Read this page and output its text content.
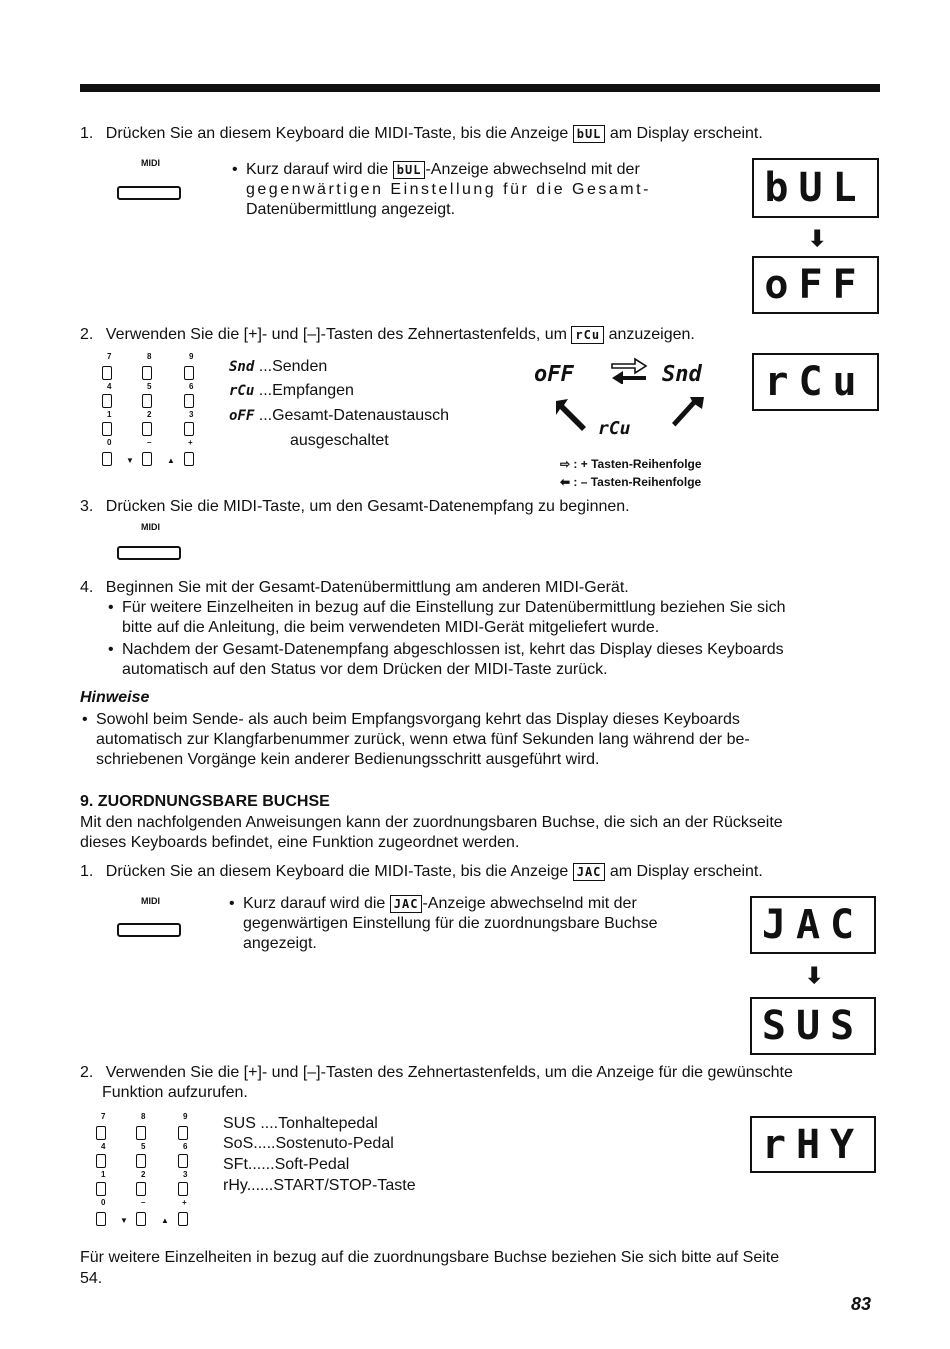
1. Drücken Sie an diesem Keyboard die MIDI-Taste, bis die Anzeige bUL am Display erscheint.
MIDI	• Kurz darauf wird die bUL -Anzeige abwechselnd mit der
gegenwärtigen Einstellung für die Gesamt-
Datenübermittlung angezeigt.	bUL
⬇
oFF
2. Verwenden Sie die [+]- und [–]-Tasten des Zehnertastenfelds, um rCu anzuzeigen.
7	8	9
4	5	6
1	2	3
0	–	+
▼	▲
Snd ...Senden
rCu ...Empfangen
oFF ...Gesamt-Datenaustausch
ausgeschaltet
oFF	Snd
rCu
⇨ : + Tasten-Reihenfolge
⬅ : – Tasten-Reihenfolge
rCu
3. Drücken Sie die MIDI-Taste, um den Gesamt-Datenempfang zu beginnen.
MIDI
4. Beginnen Sie mit der Gesamt-Datenübermittlung am anderen MIDI-Gerät.
• Für weitere Einzelheiten in bezug auf die Einstellung zur Datenübermittlung beziehen Sie sich
bitte auf die Anleitung, die beim verwendeten MIDI-Gerät mitgeliefert wurde.
• Nachdem der Gesamt-Datenempfang abgeschlossen ist, kehrt das Display dieses Keyboards
automatisch auf den Status vor dem Drücken der MIDI-Taste zurück.
Hinweise
• Sowohl beim Sende- als auch beim Empfangsvorgang kehrt das Display dieses Keyboards
automatisch zur Klangfarbenummer zurück, wenn etwa fünf Sekunden lang während der be-
schriebenen Vorgänge kein anderer Bedienungsschritt ausgeführt wird.
9. ZUORDNUNGSBARE BUCHSE
Mit den nachfolgenden Anweisungen kann der zuordnungsbaren Buchse, die sich an der Rückseite
dieses Keyboards befindet, eine Funktion zugeordnet werden.
1. Drücken Sie an diesem Keyboard die MIDI-Taste, bis die Anzeige JAC am Display erscheint.
MIDI	• Kurz darauf wird die JAC -Anzeige abwechselnd mit der
gegenwärtigen Einstellung für die zuordnungsbare Buchse
angezeigt.	JAC
⬇
SUS
2. Verwenden Sie die [+]- und [–]-Tasten des Zehnertastenfelds, um die Anzeige für die gewünschte
Funktion aufzurufen.
7	8	9
4	5	6
1	2	3
0	–	+
▼	▲
SUS ....Tonhaltepedal
SoS.....Sostenuto-Pedal
SFt......Soft-Pedal
rHy......START/STOP-Taste
rHY
Für weitere Einzelheiten in bezug auf die zuordnungsbare Buchse beziehen Sie sich bitte auf Seite
54.
83
